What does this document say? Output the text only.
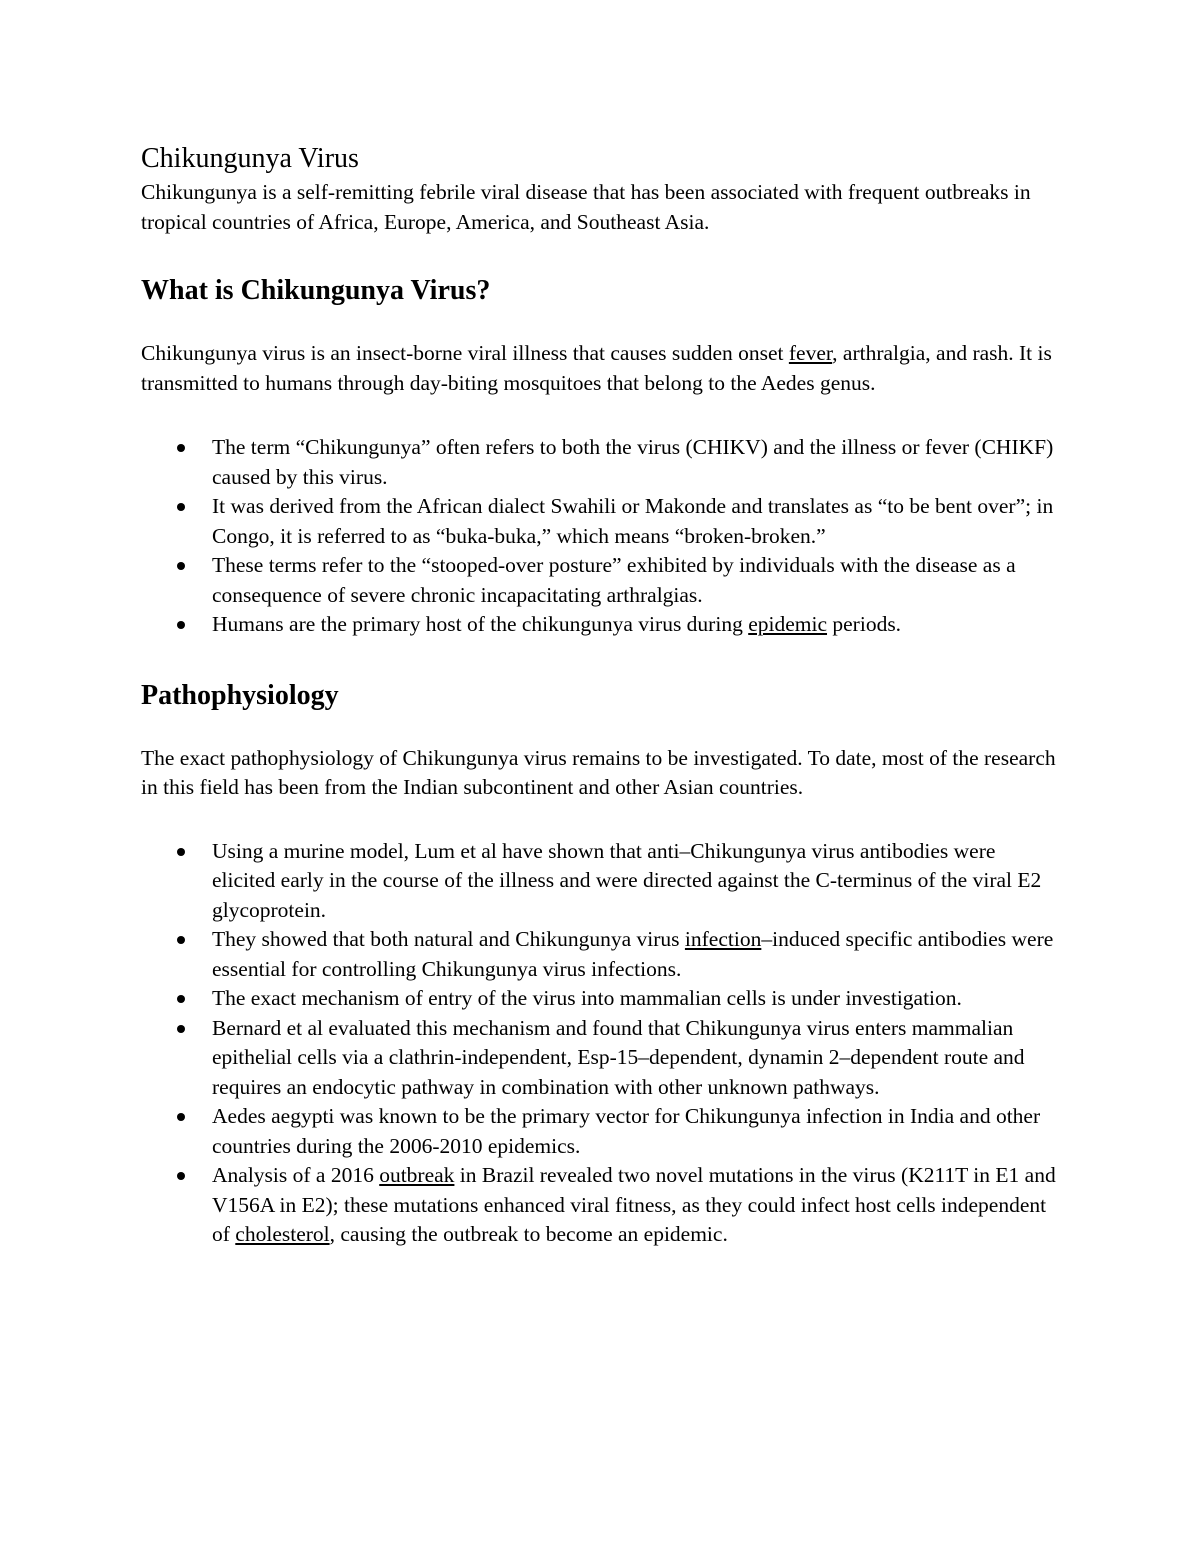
Chikungunya Virus
Chikungunya is a self-remitting febrile viral disease that has been associated with frequent outbreaks in tropical countries of Africa, Europe, America, and Southeast Asia.
What is Chikungunya Virus?

Chikungunya virus is an insect-borne viral illness that causes sudden onset fever, arthralgia, and rash. It is transmitted to humans through day-biting mosquitoes that belong to the Aedes genus.

The term “Chikungunya” often refers to both the virus (CHIKV) and the illness or fever (CHIKF) caused by this virus.
It was derived from the African dialect Swahili or Makonde and translates as “to be bent over”; in Congo, it is referred to as “buka-buka,” which means “broken-broken.”
These terms refer to the “stooped-over posture” exhibited by individuals with the disease as a consequence of severe chronic incapacitating arthralgias.
Humans are the primary host of the chikungunya virus during epidemic periods.
Pathophysiology

The exact pathophysiology of Chikungunya virus remains to be investigated. To date, most of the research in this field has been from the Indian subcontinent and other Asian countries.

Using a murine model, Lum et al have shown that anti–Chikungunya virus antibodies were elicited early in the course of the illness and were directed against the C-terminus of the viral E2 glycoprotein.
They showed that both natural and Chikungunya virus infection–induced specific antibodies were essential for controlling Chikungunya virus infections.
The exact mechanism of entry of the virus into mammalian cells is under investigation.
Bernard et al evaluated this mechanism and found that Chikungunya virus enters mammalian epithelial cells via a clathrin-independent, Esp-15–dependent, dynamin 2–dependent route and requires an endocytic pathway in combination with other unknown pathways.
Aedes aegypti was known to be the primary vector for Chikungunya infection in India and other countries during the 2006-2010 epidemics.
Analysis of a 2016 outbreak in Brazil revealed two novel mutations in the virus (K211T in E1 and V156A in E2); these mutations enhanced viral fitness, as they could infect host cells independent of cholesterol, causing the outbreak to become an epidemic.
